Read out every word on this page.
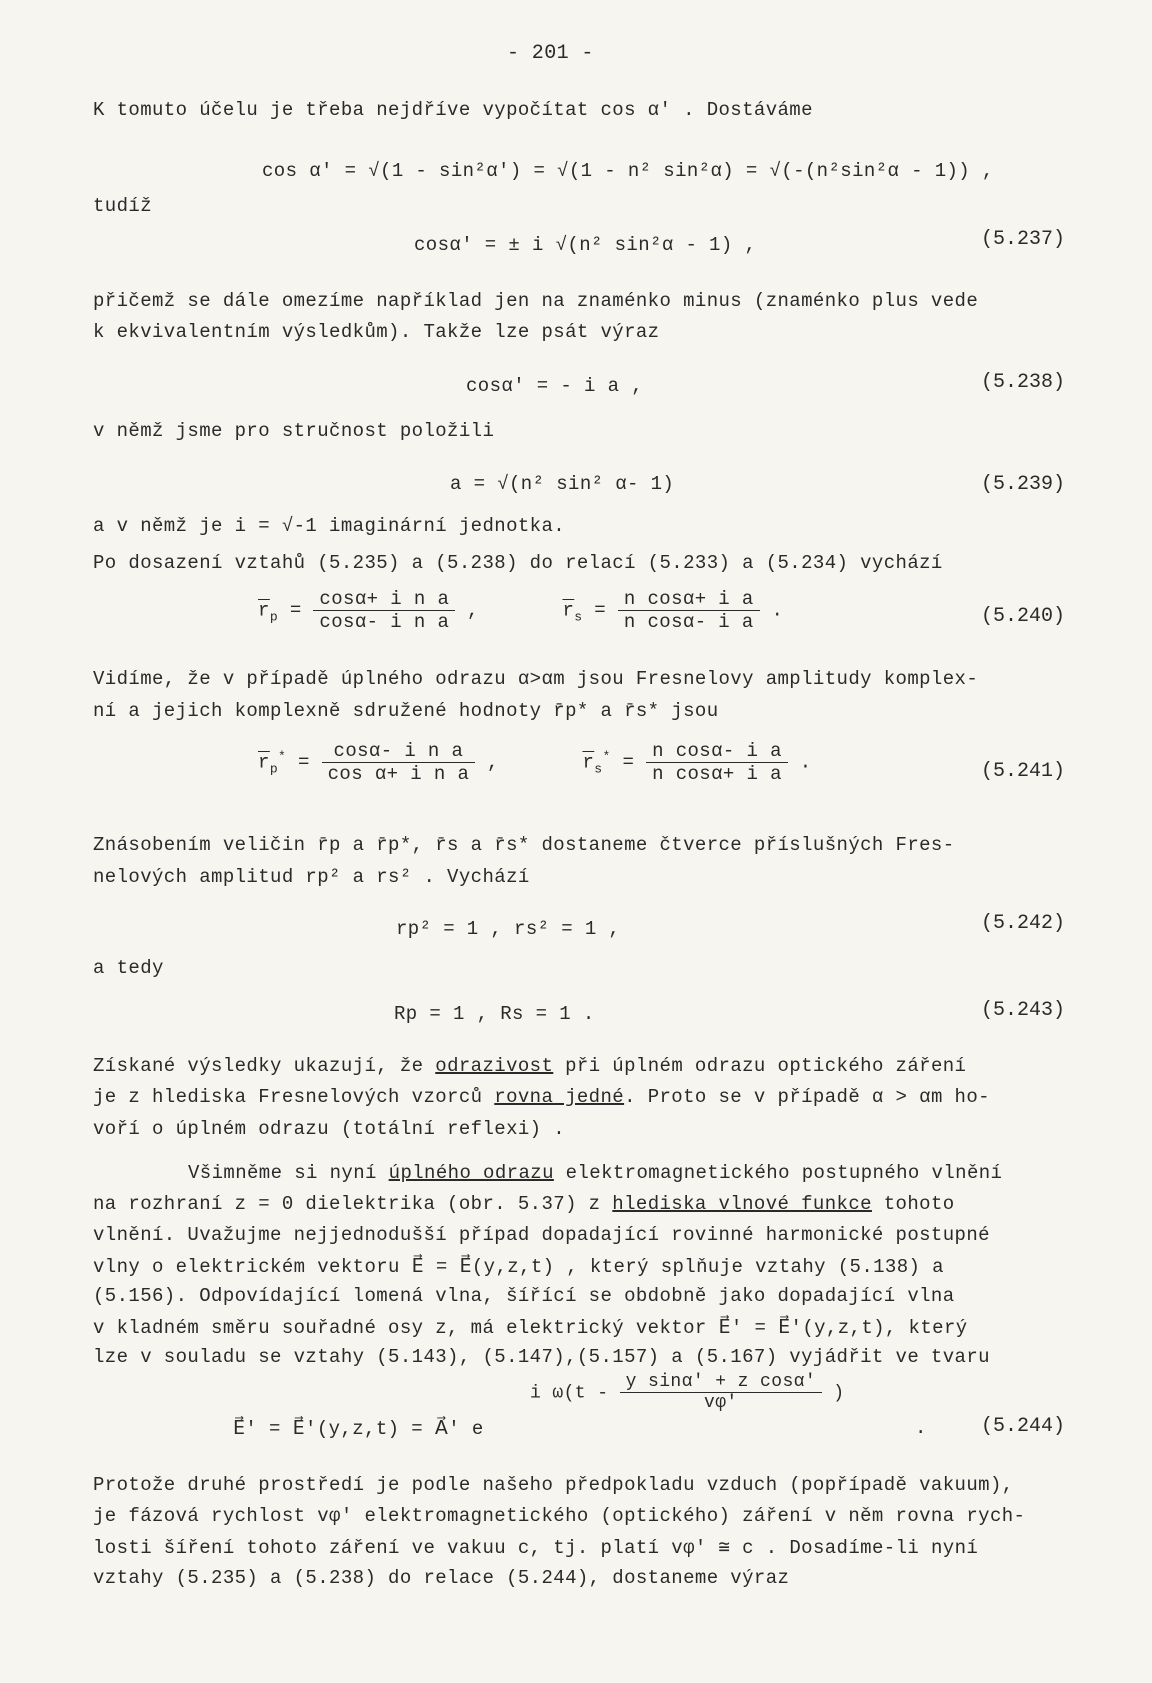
- 201 -
K tomuto účelu je třeba nejdříve vypočítat cos α′ . Dostáváme
cos α′ = √(1 - sin²α′) = √(1 - n² sin²α) = √(-(n²sin²α - 1)) ,
tudíž
cosα′ = ± i √(n² sin²α - 1) ,	(5.237)
přičemž se dále omezíme například jen na znaménko minus (znaménko plus vede
k ekvivalentním výsledkům). Takže lze psát výraz
cosα′ = - i a ,	(5.238)
v němž jsme pro stručnost položili
a = √(n² sin² α- 1)	(5.239)
a v němž je i = √-1 imaginární jednotka.
Po dosazení vztahů (5.235) a (5.238) do relací (5.233) a (5.234) vychází
$\overline{r}_p = \frac{\text{cosα+ i n a}}{\text{cosα- i n a}}$ ,	$\overline{r}_s = \frac{\text{n cosα+ i a}}{\text{n cosα- i a}}$ .	(5.240)
Vidíme, že v případě úplného odrazu α>αm jsou Fresnelovy amplitudy komplex-
ní a jejich komplexně sdružené hodnoty r̄p* a r̄s* jsou
$\overline{r}_p^* = \frac{\text{cosα- i n a}}{\text{cos α+ i n a}}$ ,	$\overline{r}_s^* = \frac{\text{n cosα- i a}}{\text{n cosα+ i a}}$ .	(5.241)
Znásobením veličin r̄p a r̄p*, r̄s a r̄s* dostaneme čtverce příslušných Fres-
nelových amplitud rp² a rs² . Vychází
rp² = 1 , rs² = 1 ,	(5.242)
a tedy
Rp = 1 , Rs = 1 .	(5.243)
Získané výsledky ukazují, že odrazivost při úplném odrazu optického záření
je z hlediska Fresnelových vzorců rovna jedné. Proto se v případě α > αm ho-
voří o úplném odrazu (totální reflexi) .
Všimněme si nyní úplného odrazu elektromagnetického postupného vlnění
na rozhraní z = 0 dielektrika (obr. 5.37) z hlediska vlnové funkce tohoto
vlnění. Uvažujme nejjednodušší případ dopadající rovinné harmonické postupné
vlny o elektrickém vektoru E⃗ = E⃗(y,z,t) , který splňuje vztahy (5.138) a
(5.156). Odpovídající lomená vlna, šířící se obdobně jako dopadající vlna
v kladném směru souřadné osy z, má elektrický vektor E⃗′ = E⃗′(y,z,t), který
lze v souladu se vztahy (5.143), (5.147),(5.157) a (5.167) vyjádřit ve tvaru
E⃗′ = E⃗′(y,z,t) = A⃗′ e
i $\omega(t - \frac{\text{y sinα′ + z cosα′}}{v\varphi'}$ )
.	(5.244)
Protože druhé prostředí je podle našeho předpokladu vzduch (popřípadě vakuum),
je fázová rychlost vφ′ elektromagnetického (optického) záření v něm rovna rych-
losti šíření tohoto záření ve vakuu c, tj. platí vφ′ ≅ c . Dosadíme-li nyní
vztahy (5.235) a (5.238) do relace (5.244), dostaneme výraz
